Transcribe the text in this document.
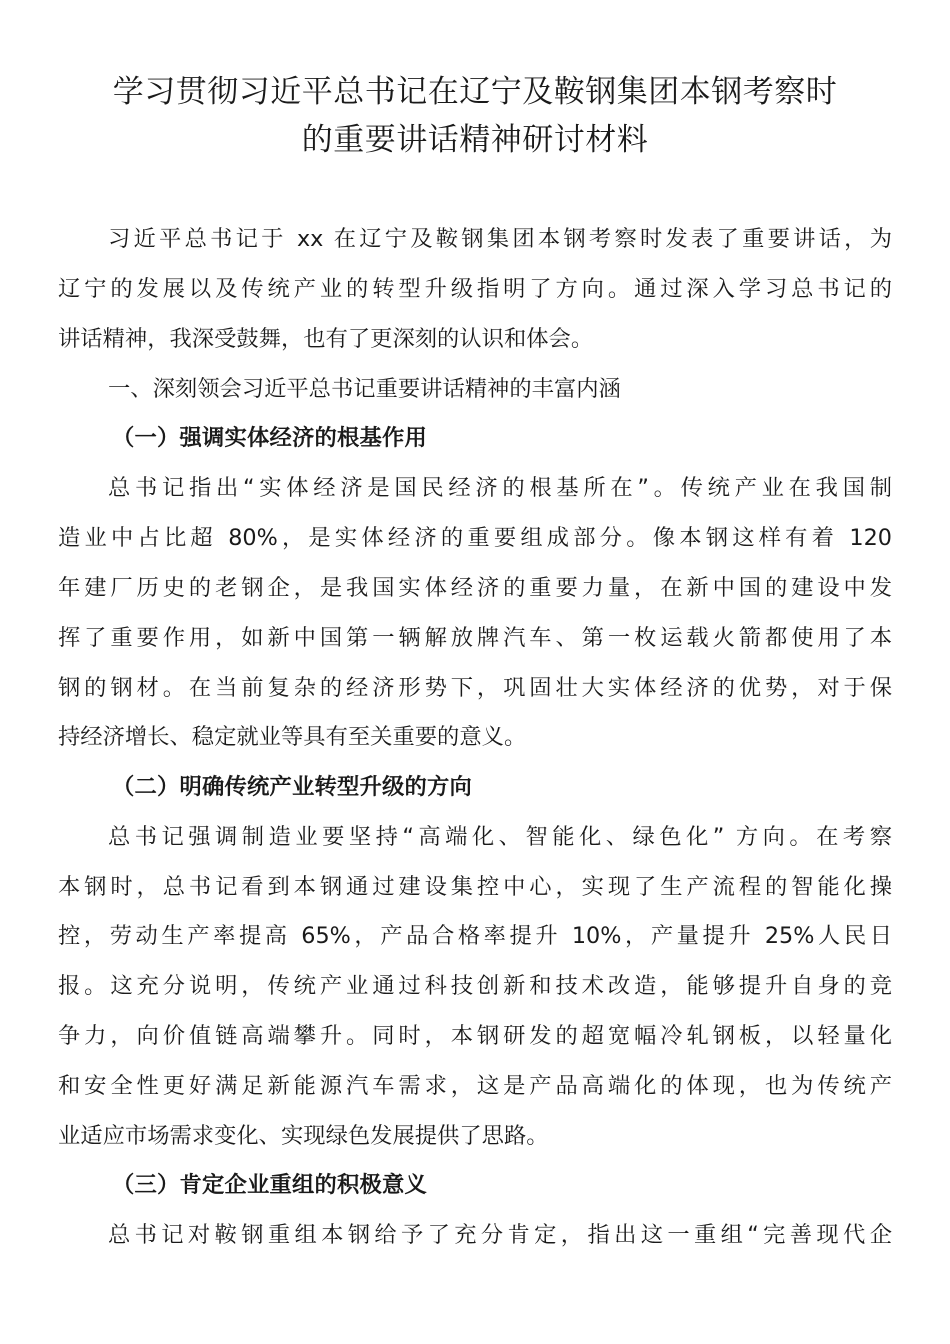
学习贯彻习近平总书记在辽宁及鞍钢集团本钢考察时
的重要讲话精神研讨材料
习近平总书记于 xx 在辽宁及鞍钢集团本钢考察时发表了重要讲话，为
辽宁的发展以及传统产业的转型升级指明了方向。通过深入学习总书记的
讲话精神，我深受鼓舞，也有了更深刻的认识和体会。
一、深刻领会习近平总书记重要讲话精神的丰富内涵
（一）强调实体经济的根基作用
总书记指出“实体经济是国民经济的根基所在”。传统产业在我国制
造业中占比超 80%，是实体经济的重要组成部分。像本钢这样有着 120
年建厂历史的老钢企，是我国实体经济的重要力量，在新中国的建设中发
挥了重要作用，如新中国第一辆解放牌汽车、第一枚运载火箭都使用了本
钢的钢材。在当前复杂的经济形势下，巩固壮大实体经济的优势，对于保
持经济增长、稳定就业等具有至关重要的意义。
（二）明确传统产业转型升级的方向
总书记强调制造业要坚持“高端化、智能化、绿色化” 方向。在考察
本钢时，总书记看到本钢通过建设集控中心，实现了生产流程的智能化操
控，劳动生产率提高 65%，产品合格率提升 10%，产量提升 25%人民日
报。这充分说明，传统产业通过科技创新和技术改造，能够提升自身的竞
争力，向价值链高端攀升。同时，本钢研发的超宽幅冷轧钢板，以轻量化
和安全性更好满足新能源汽车需求，这是产品高端化的体现，也为传统产
业适应市场需求变化、实现绿色发展提供了思路。
（三）肯定企业重组的积极意义
总书记对鞍钢重组本钢给予了充分肯定，指出这一重组“完善现代企
